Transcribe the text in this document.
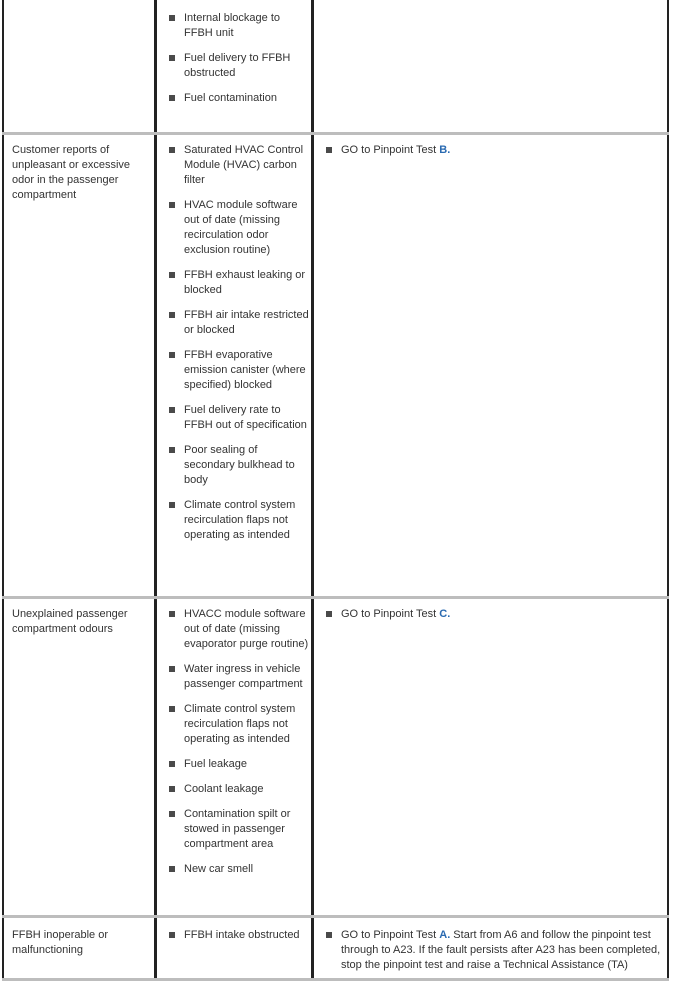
Internal blockage to FFBH unit
Fuel delivery to FFBH obstructed
Fuel contamination

Customer reports of unpleasant or excessive odor in the passenger compartment

Saturated HVAC Control Module (HVAC) carbon filter
HVAC module software out of date (missing recirculation odor exclusion routine)
FFBH exhaust leaking or blocked
FFBH air intake restricted or blocked
FFBH evaporative emission canister (where specified) blocked
Fuel delivery rate to FFBH out of specification
Poor sealing of secondary bulkhead to body
Climate control system recirculation flaps not operating as intended
GO to Pinpoint Test B.

Unexplained passenger compartment odours

HVACC module software out of date (missing evaporator purge routine)
Water ingress in vehicle passenger compartment
Climate control system recirculation flaps not operating as intended
Fuel leakage
Coolant leakage
Contamination spilt or stowed in passenger compartment area
New car smell
GO to Pinpoint Test C.

FFBH inoperable or malfunctioning

FFBH intake obstructed	GO to Pinpoint Test A. Start from A6 and follow the pinpoint test through to A23. If the fault persists after A23 has been completed, stop the pinpoint test and raise a Technical Assistance (TA)
